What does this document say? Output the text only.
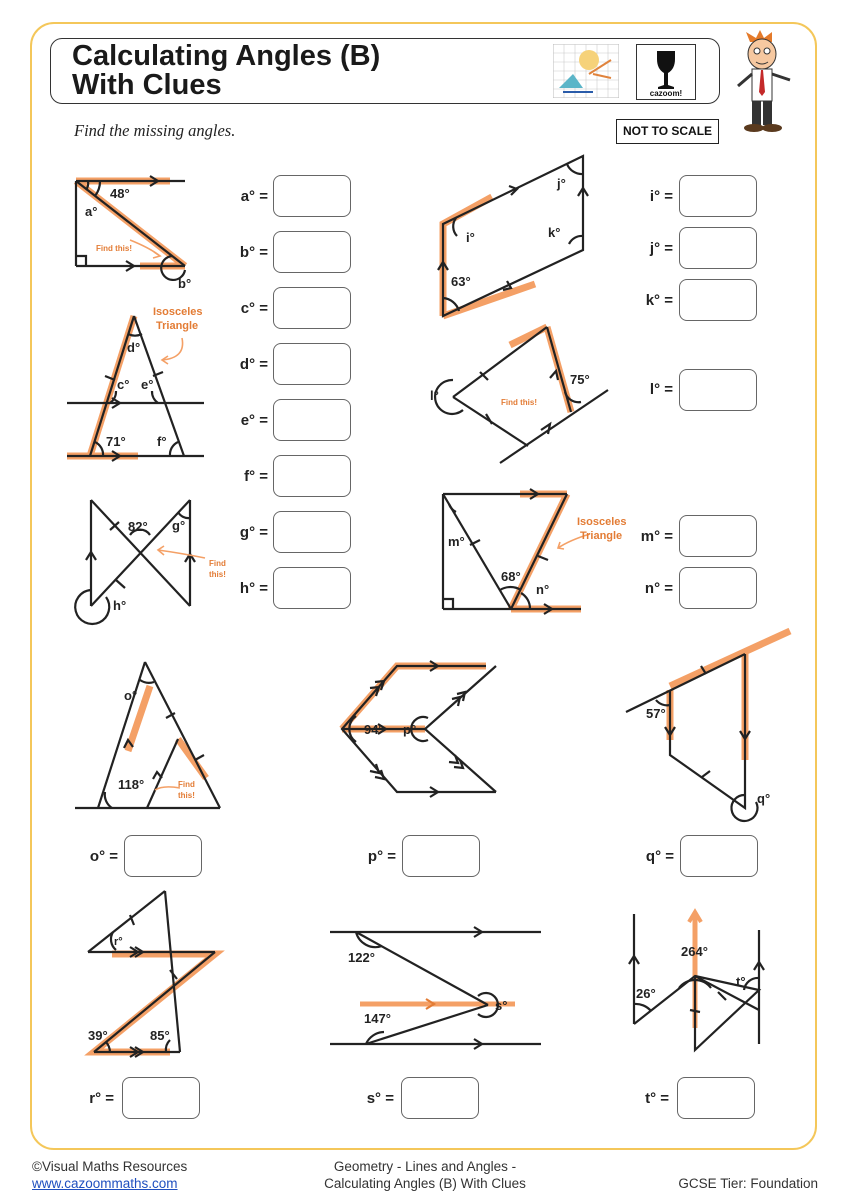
Calculating Angles (B)
With Clues	cazoom!
Find the missing angles.	NOT TO SCALE
48°
a°
Find this!
b°
Isosceles
Triangle
d°
c° e°
71° f°
82° g°
h°
Find
this!
i°
j°
k°
63°
l°
75°
Find this!
Isosceles
Triangle
m°
68°
n°
o°
118°	Find
this!
94° p°
57°
q°
r°
39°	85°
122°
147°
s°
264°
26°
t°
a° =
b° =
c° =
d° =
e° =
f° =
g° =
h° =
i° =
j° =
k° =
l° =
m° =
n° =
o° =	p° =	q° =
r° =	s° =	t° =
©Visual Maths Resources
www.cazoommaths.com
Geometry - Lines and Angles -
Calculating Angles (B) With Clues	GCSE Tier: Foundation
